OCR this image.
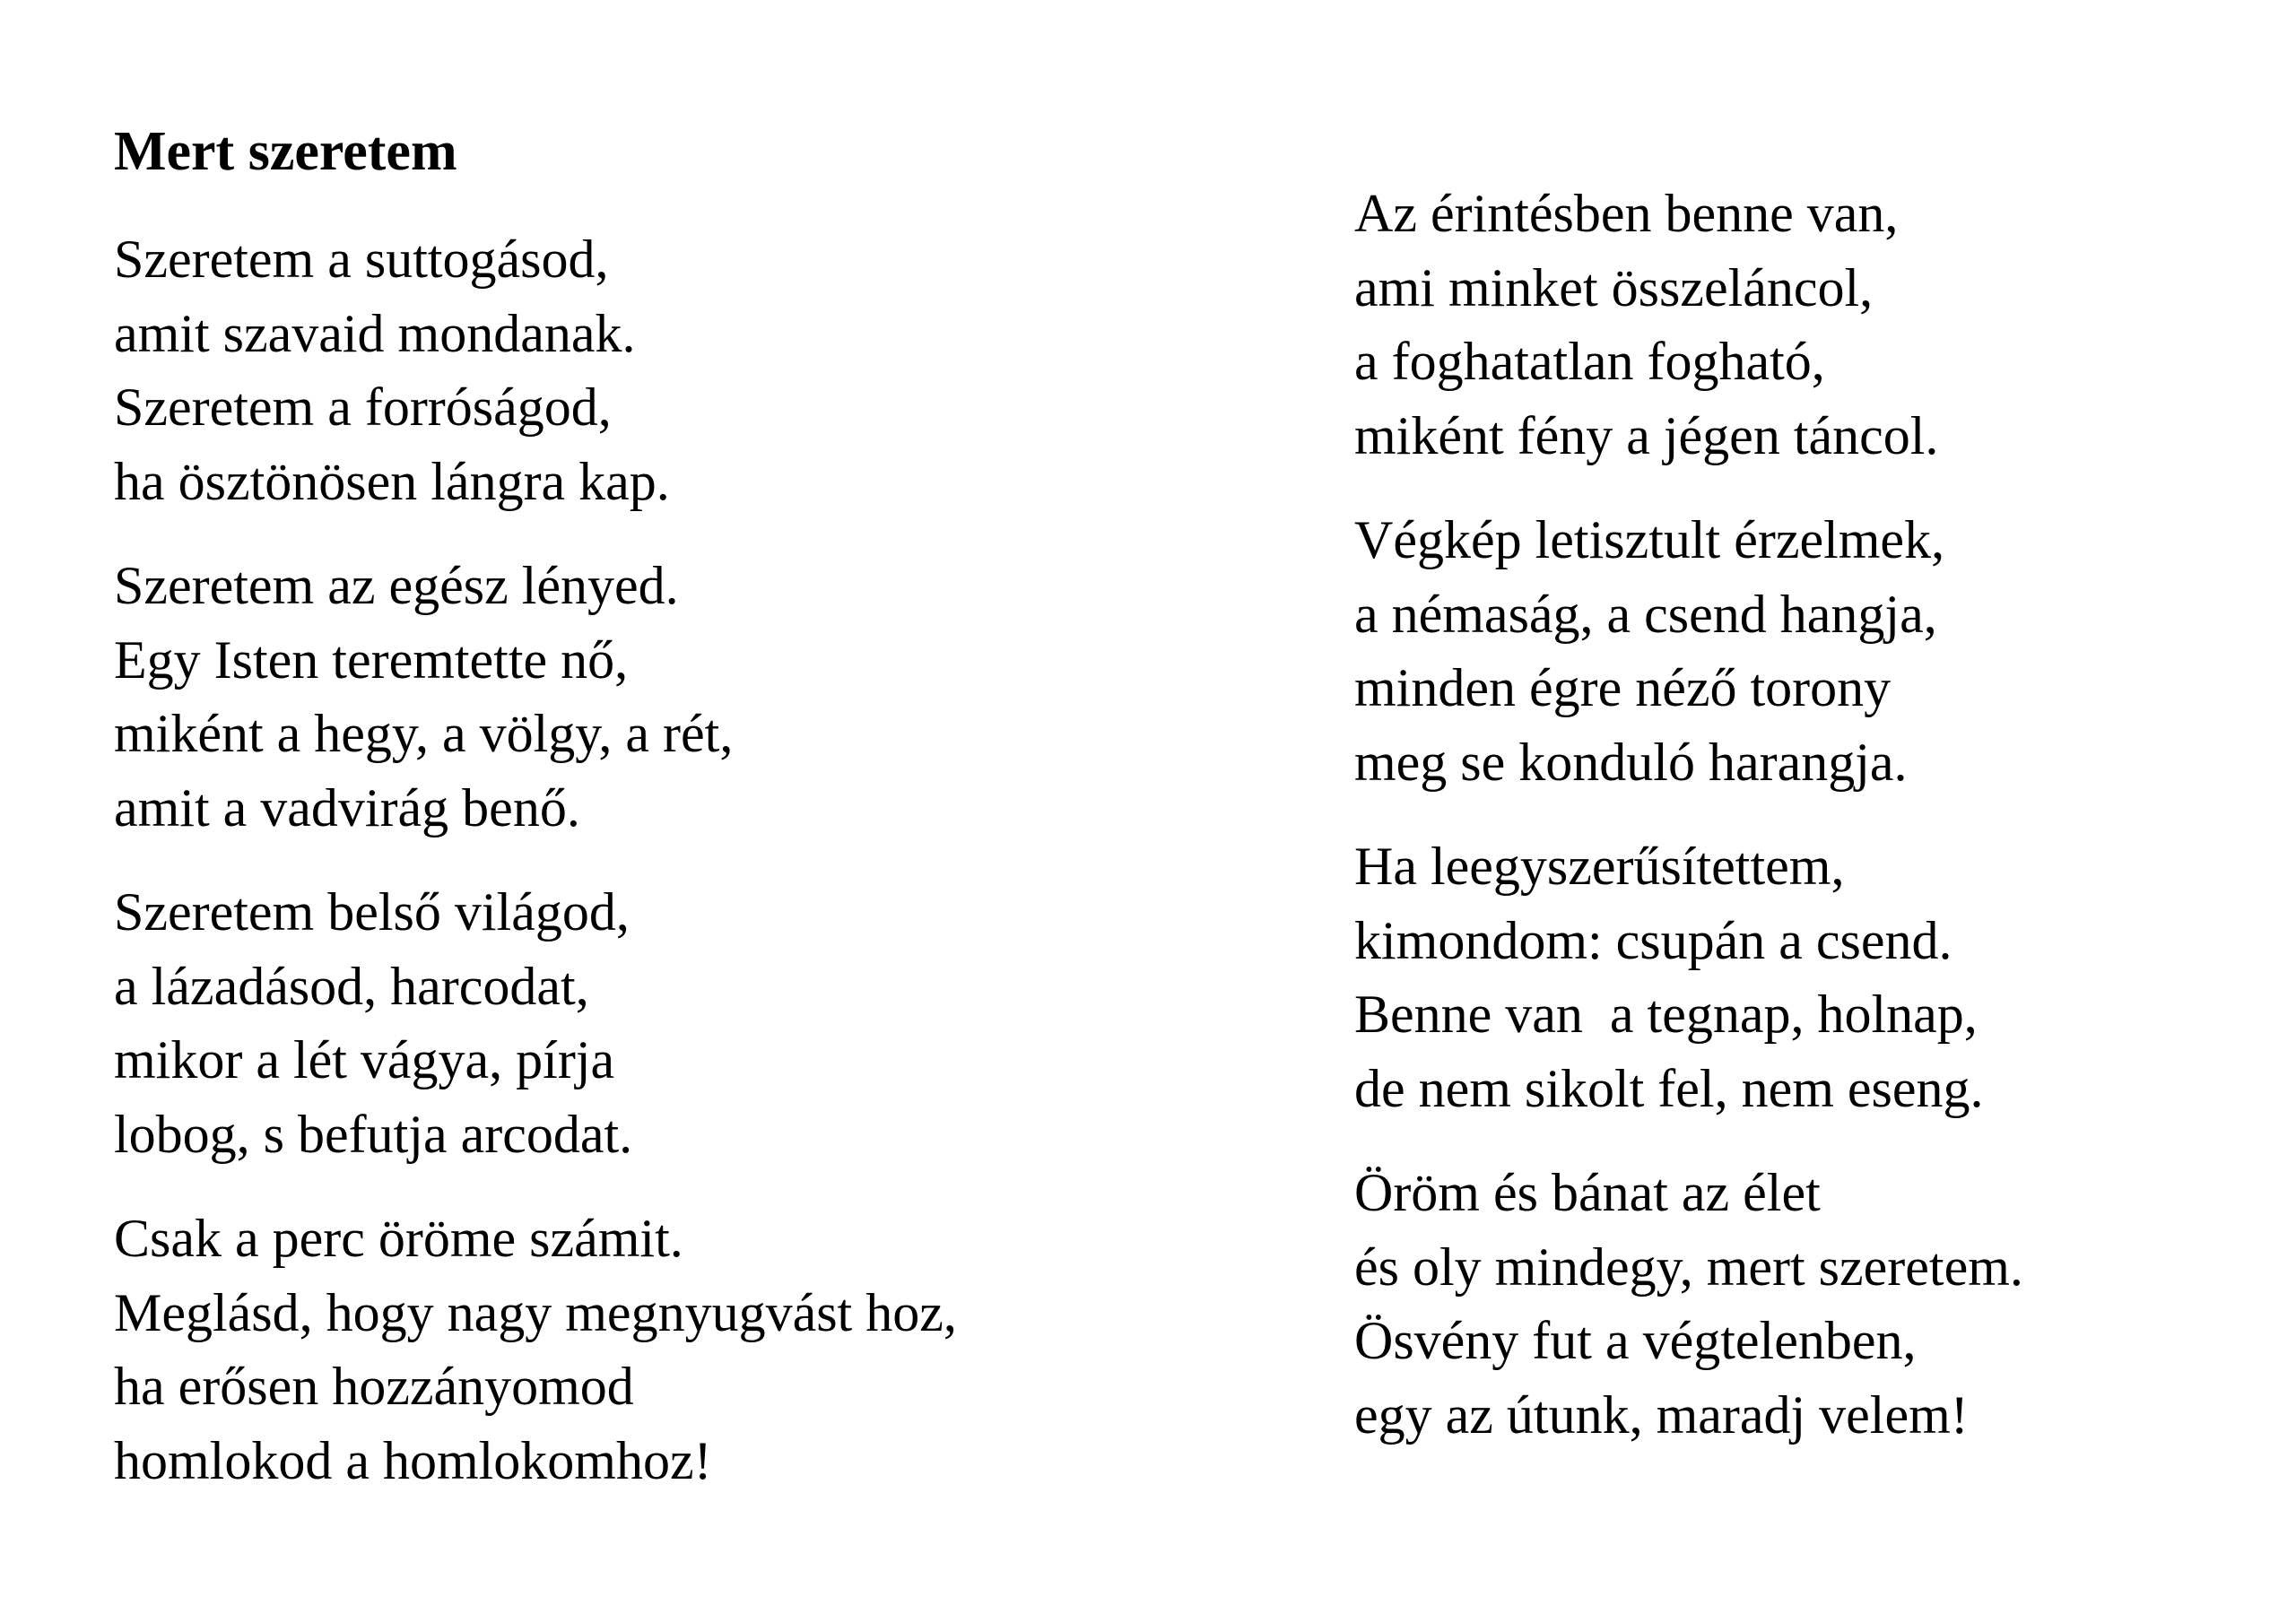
Mert szeretem
Szeretem a suttogásod,
amit szavaid mondanak.
Szeretem a forróságod,
ha ösztönösen lángra kap.
Szeretem az egész lényed.
Egy Isten teremtette nő,
miként a hegy, a völgy, a rét,
amit a vadvirág benő.
Szeretem belső világod,
a lázadásod, harcodat,
mikor a lét vágya, pírja
lobog, s befutja arcodat.
Csak a perc öröme számit.
Meglásd, hogy nagy megnyugvást hoz,
ha erősen hozzányomod
homlokod a homlokomhoz!
Az érintésben benne van,
ami minket összeláncol,
a foghatatlan fogható,
miként fény a jégen táncol.
Végkép letisztult érzelmek,
a némaság, a csend hangja,
minden égre néző torony
meg se konduló harangja.
Ha leegyszerűsítettem,
kimondom: csupán a csend.
Benne van  a tegnap, holnap,
de nem sikolt fel, nem eseng.
Öröm és bánat az élet
és oly mindegy, mert szeretem.
Ösvény fut a végtelenben,
egy az útunk, maradj velem!
